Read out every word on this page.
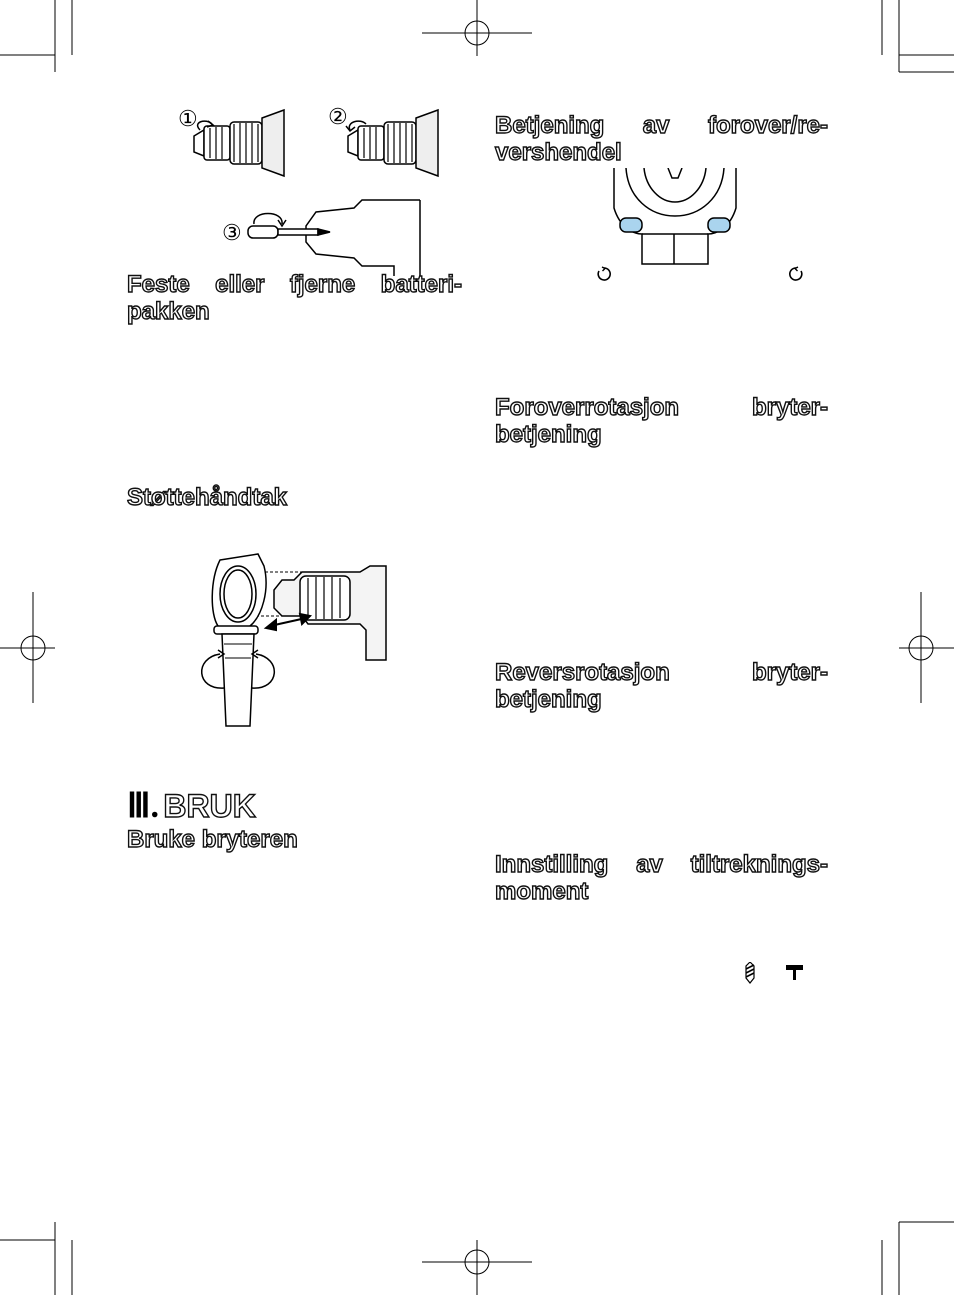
①	②
③
Feste eller fjerne batteri-
pakken
Støttehåndtak
Ⅲ. BRUK
Bruke bryteren
Betjening av forover/re-
vershendel
Foroverrotasjon bryter-
betjening
Reversrotasjon bryter-
betjening
Innstilling av tiltreknings-
moment
